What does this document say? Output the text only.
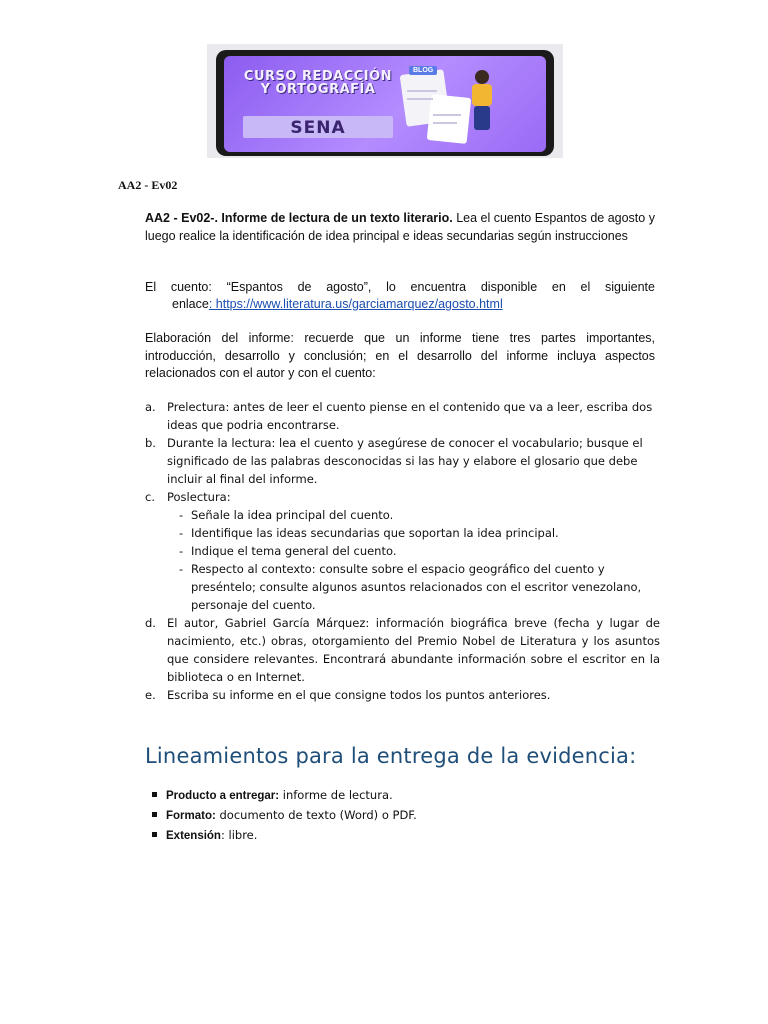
CURSO REDACCIÓN Y ORTOGRAFÍA
SENA
BLOG
AA2 - Ev02
AA2 - Ev02-. Informe de lectura de un texto literario. Lea el cuento Espantos de agosto y luego realice la identificación de idea principal e ideas secundarias según instrucciones
El cuento: “Espantos de agosto”, lo encuentra disponible en el siguiente
enlace: https://www.literatura.us/garciamarquez/agosto.html
Elaboración del informe: recuerde que un informe tiene tres partes importantes, introducción, desarrollo y conclusión; en el desarrollo del informe incluya aspectos relacionados con el autor y con el cuento:
a. Prelectura: antes de leer el cuento piense en el contenido que va a leer, escriba dos ideas que podria encontrarse.
b. Durante la lectura: lea el cuento y asegúrese de conocer el vocabulario; busque el significado de las palabras desconocidas si las hay y elabore el glosario que debe incluir al final del informe.
c. Poslectura:
- Señale la idea principal del cuento.
- Identifique las ideas secundarias que soportan la idea principal.
- Indique el tema general del cuento.
- Respecto al contexto: consulte sobre el espacio geográfico del cuento y preséntelo; consulte algunos asuntos relacionados con el escritor venezolano, personaje del cuento.
d. El autor, Gabriel García Márquez: información biográfica breve (fecha y lugar de nacimiento, etc.) obras, otorgamiento del Premio Nobel de Literatura y los asuntos que considere relevantes. Encontrará abundante información sobre el escritor en la biblioteca o en Internet.
e. Escriba su informe en el que consigne todos los puntos anteriores.
Lineamientos para la entrega de la evidencia:
Producto a entregar: informe de lectura.
Formato: documento de texto (Word) o PDF.
Extensión: libre.
